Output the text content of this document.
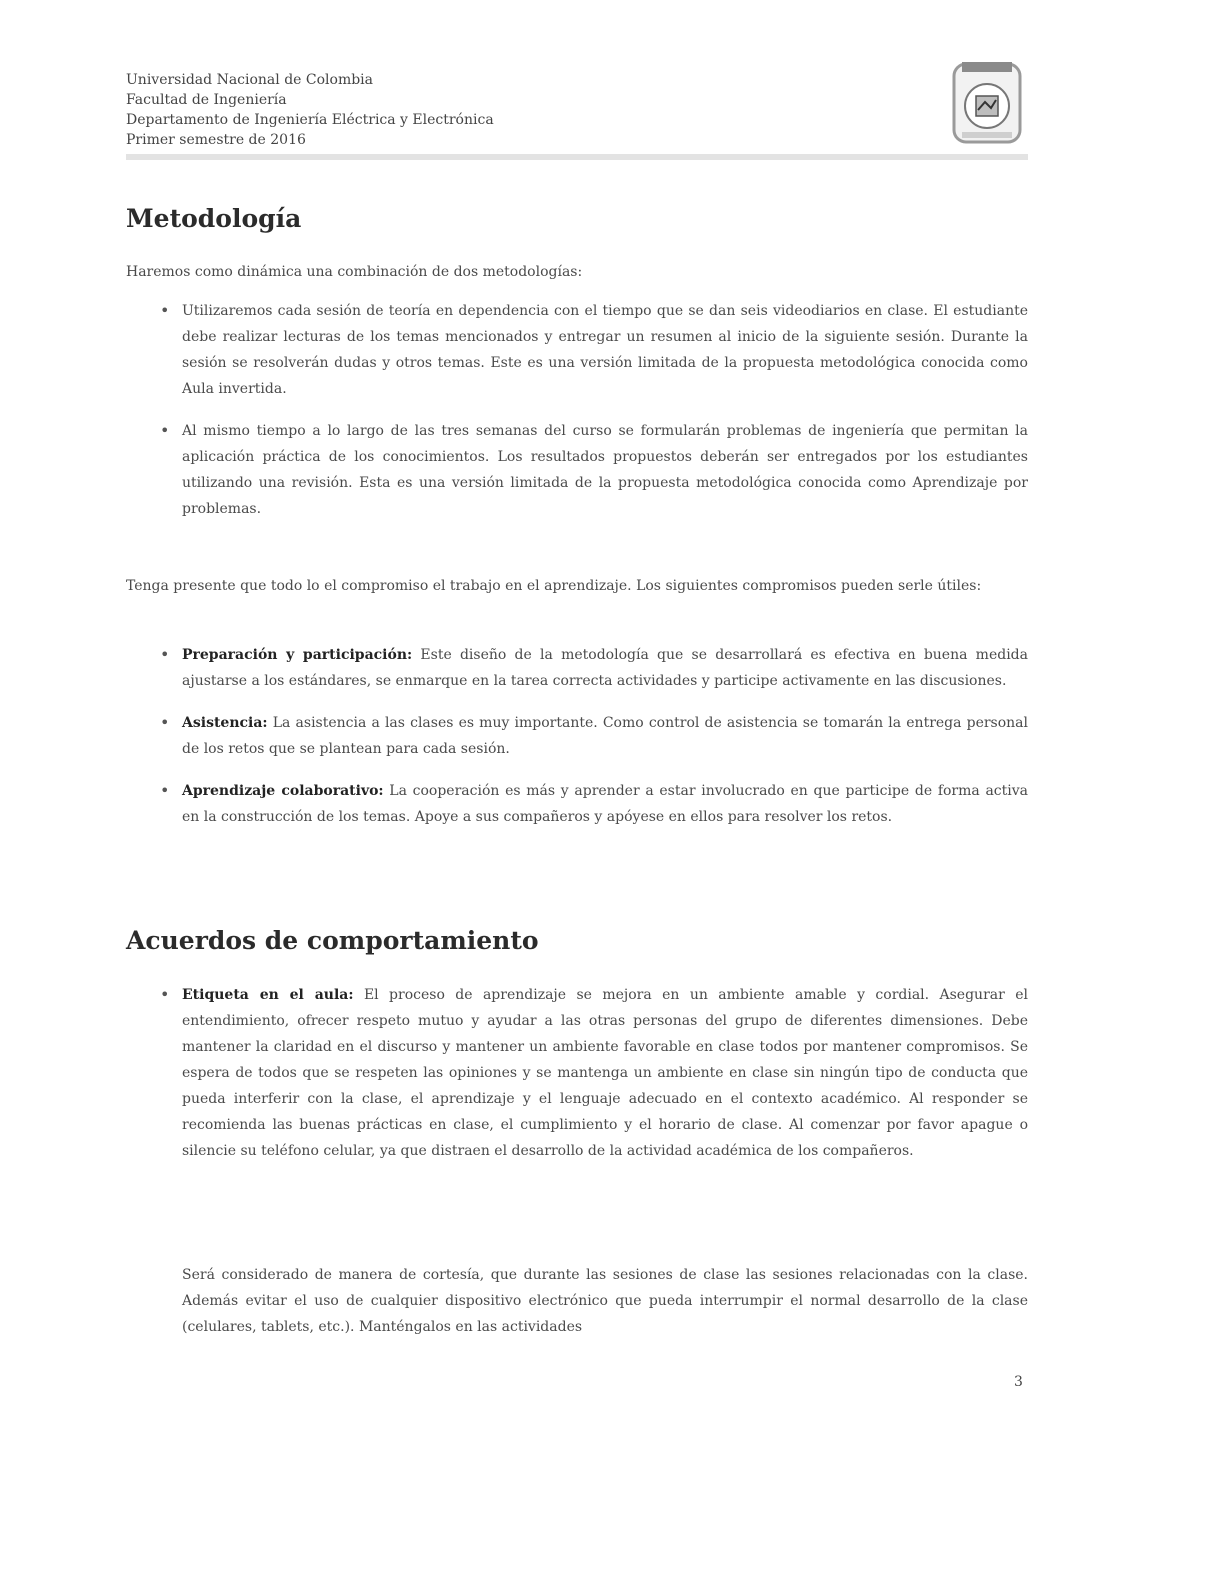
Universidad Nacional de Colombia
Facultad de Ingeniería
Departamento de Ingeniería Eléctrica y Electrónica
Primer semestre de 2016
Metodología
Haremos como dinámica una combinación de dos metodologías:
• Utilizaremos cada sesión de teoría en dependencia con el tiempo que se dan seis videodiarios en clase. El estudiante debe realizar lecturas de los temas mencionados y entregar un resumen al inicio de la siguiente sesión. Durante la sesión se resolverán dudas y otros temas. Este es una versión limitada de la propuesta metodológica conocida como Aula invertida.
• Al mismo tiempo a lo largo de las tres semanas del curso se formularán problemas de ingeniería que permitan la aplicación práctica de los conocimientos. Los resultados propuestos deberán ser entregados por los estudiantes utilizando una revisión. Esta es una versión limitada de la propuesta metodológica conocida como Aprendizaje por problemas.
Tenga presente que todo lo el compromiso el trabajo en el aprendizaje. Los siguientes compromisos pueden serle útiles:
• Preparación y participación: Este diseño de la metodología que se desarrollará es efectiva en buena medida ajustarse a los estándares, se enmarque en la tarea correcta actividades y participe activamente en las discusiones.
• Asistencia: La asistencia a las clases es muy importante. Como control de asistencia se tomarán la entrega personal de los retos que se plantean para cada sesión.
• Aprendizaje colaborativo: La cooperación es más y aprender a estar involucrado en que participe de forma activa en la construcción de los temas. Apoye a sus compañeros y apóyese en ellos para resolver los retos.
Acuerdos de comportamiento
• Etiqueta en el aula: El proceso de aprendizaje se mejora en un ambiente amable y cordial. Asegurar el entendimiento, ofrecer respeto mutuo y ayudar a las otras personas del grupo de diferentes dimensiones. Debe mantener la claridad en el discurso y mantener un ambiente favorable en clase todos por mantener compromisos. Se espera de todos que se respeten las opiniones y se mantenga un ambiente en clase sin ningún tipo de conducta que pueda interferir con la clase, el aprendizaje y el lenguaje adecuado en el contexto académico. Al responder se recomienda las buenas prácticas en clase, el cumplimiento y el horario de clase. Al comenzar por favor apague o silencie su teléfono celular, ya que distraen el desarrollo de la actividad académica de los compañeros.
Será considerado de manera de cortesía, que durante las sesiones de clase las sesiones relacionadas con la clase. Además evitar el uso de cualquier dispositivo electrónico que pueda interrumpir el normal desarrollo de la clase (celulares, tablets, etc.). Manténgalos en las actividades
3
